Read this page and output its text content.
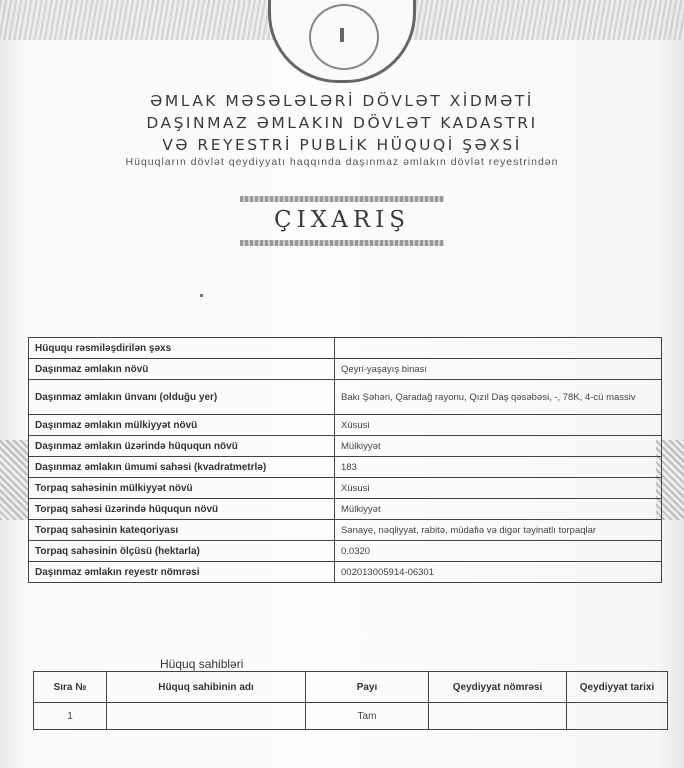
ƏMLAK MƏSƏLƏLƏRİ DÖVLƏT XİDMƏTİ
DAŞINMAZ ƏMLAKIN DÖVLƏT KADASTRI
VƏ REYESTRİ PUBLİK HÜQUQİ ŞƏXSİ
Hüquqların dövlət qeydiyyatı haqqında daşınmaz əmlakın dövlət reyestrindən
ÇIXARIŞ
Hüququ rəsmiləşdirilən şəxs	
Daşınmaz əmlakın növü	Qeyri-yaşayış binası
Daşınmaz əmlakın ünvanı (olduğu yer)	Bakı Şəhəri, Qaradağ rayonu, Qızıl Daş qəsəbəsi, -, 78K, 4-cü massiv
Daşınmaz əmlakın mülkiyyət növü	Xüsusi
Daşınmaz əmlakın üzərində hüququn növü	Mülkiyyət
Daşınmaz əmlakın ümumi sahəsi (kvadratmetrlə)	183
Torpaq sahəsinin mülkiyyət növü	Xüsusi
Torpaq sahəsi üzərində hüququn növü	Mülkiyyət
Torpaq sahəsinin kateqoriyası	Sənaye, nəqliyyat, rabitə, müdafiə və digər təyinatlı torpaqlar
Torpaq sahəsinin ölçüsü (hektarla)	0.0320
Daşınmaz əmlakın reyestr nömrəsi	002013005914-06301
Hüquq sahibləri
Sıra №	Hüquq sahibinin adı	Payı	Qeydiyyat nömrəsi	Qeydiyyat tarixi
1		Tam		
